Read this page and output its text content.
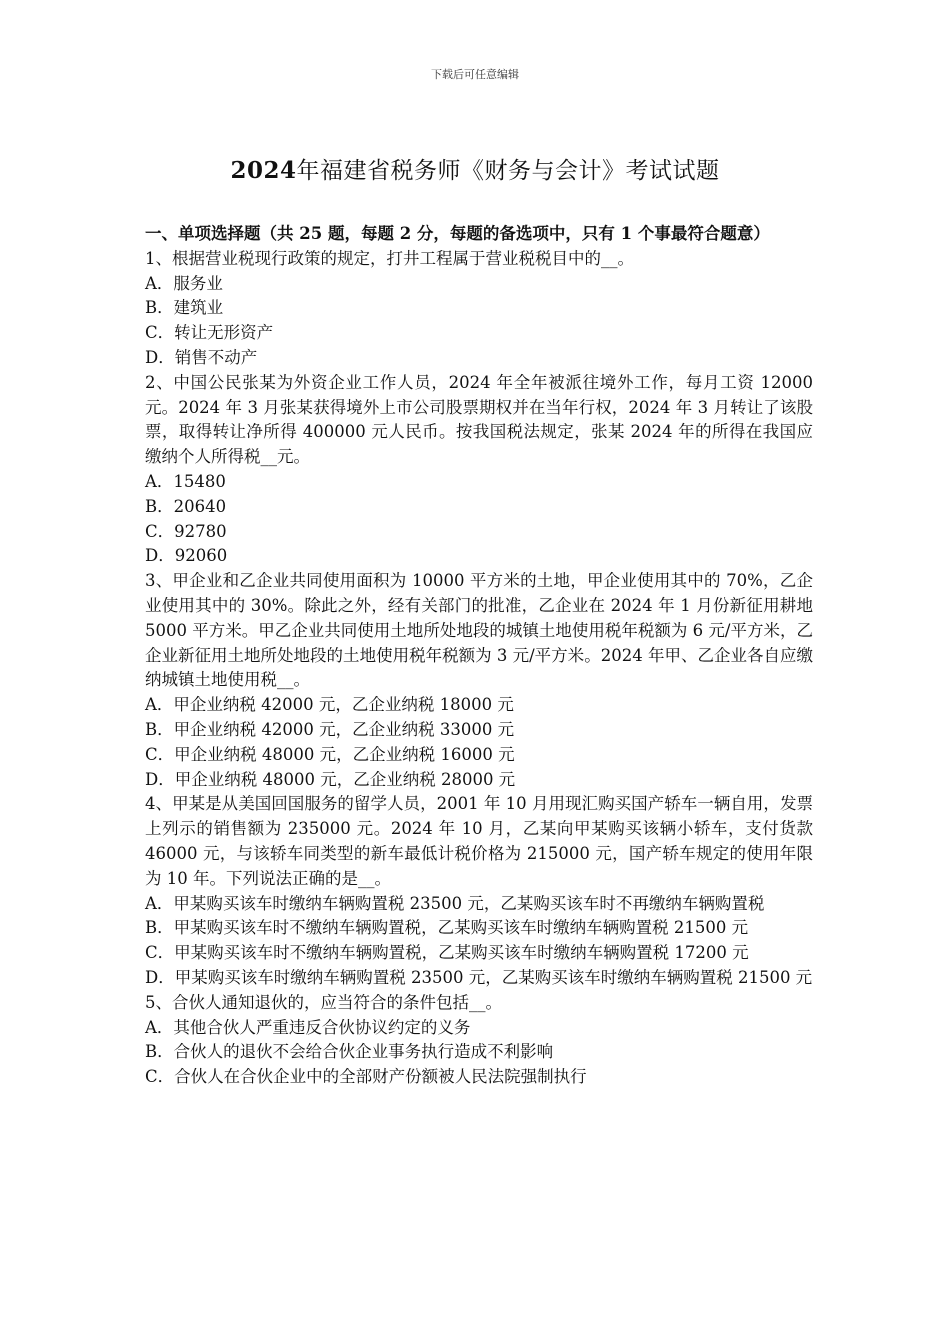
下载后可任意编辑
2024年福建省税务师《财务与会计》考试试题

一、单项选择题（共 25 题，每题 2 分，每题的备选项中，只有 1 个事最符合题意）

1、根据营业税现行政策的规定，打井工程属于营业税税目中的__。

A．服务业

B．建筑业

C．转让无形资产

D．销售不动产

2、中国公民张某为外资企业工作人员，2024 年全年被派往境外工作，每月工资 12000 元。2024 年 3 月张某获得境外上市公司股票期权并在当年行权，2024 年 3 月转让了该股票，取得转让净所得 400000 元人民币。按我国税法规定，张某 2024 年的所得在我国应缴纳个人所得税__元。

A．15480

B．20640

C．92780

D．92060

3、甲企业和乙企业共同使用面积为 10000 平方米的土地，甲企业使用其中的 70%，乙企业使用其中的 30%。除此之外，经有关部门的批准，乙企业在 2024 年 1 月份新征用耕地 5000 平方米。甲乙企业共同使用土地所处地段的城镇土地使用税年税额为 6 元/平方米，乙企业新征用土地所处地段的土地使用税年税额为 3 元/平方米。2024 年甲、乙企业各自应缴纳城镇土地使用税__。

A．甲企业纳税 42000 元，乙企业纳税 18000 元

B．甲企业纳税 42000 元，乙企业纳税 33000 元

C．甲企业纳税 48000 元，乙企业纳税 16000 元

D．甲企业纳税 48000 元，乙企业纳税 28000 元

4、甲某是从美国回国服务的留学人员，2001 年 10 月用现汇购买国产轿车一辆自用，发票上列示的销售额为 235000 元。2024 年 10 月，乙某向甲某购买该辆小轿车，支付货款 46000 元，与该轿车同类型的新车最低计税价格为 215000 元，国产轿车规定的使用年限为 10 年。下列说法正确的是__。

A．甲某购买该车时缴纳车辆购置税 23500 元，乙某购买该车时不再缴纳车辆购置税

B．甲某购买该车时不缴纳车辆购置税，乙某购买该车时缴纳车辆购置税 21500 元

C．甲某购买该车时不缴纳车辆购置税，乙某购买该车时缴纳车辆购置税 17200 元

D．甲某购买该车时缴纳车辆购置税 23500 元，乙某购买该车时缴纳车辆购置税 21500 元

5、合伙人通知退伙的，应当符合的条件包括__。

A．其他合伙人严重违反合伙协议约定的义务

B．合伙人的退伙不会给合伙企业事务执行造成不利影响

C．合伙人在合伙企业中的全部财产份额被人民法院强制执行
